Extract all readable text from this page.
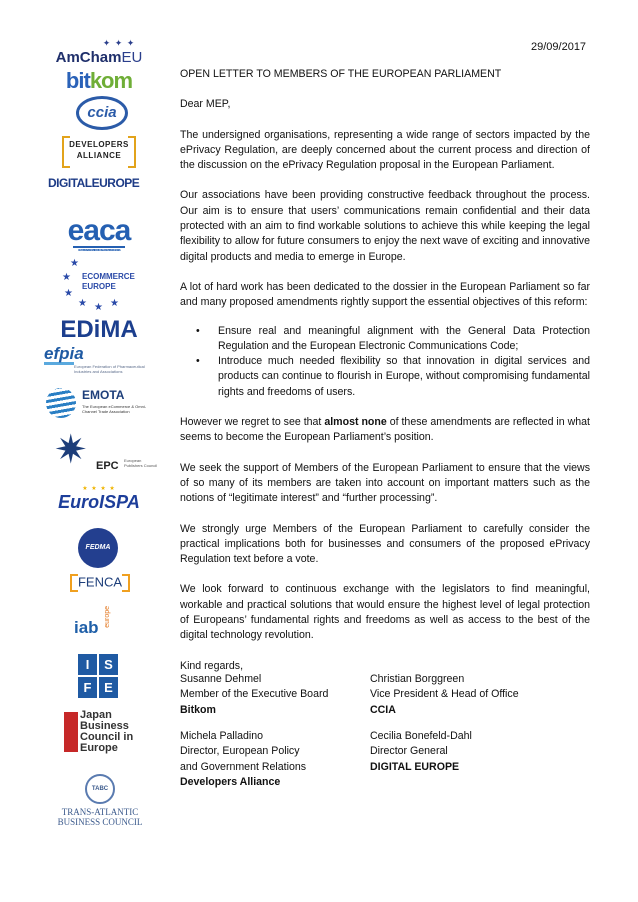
✦ ✦ ✦
AmChamEU
bitkom
ccia
DEVELOPERS
ALLIANCE
DIGITALEUROPE
eaca
EUROPEAN ASSOCIATION OF COMMUNICATIONS AGENCIES
★
★
★
★ ★ ★
ECOMMERCE
EUROPE
EDiMA
efpia
European Federation of Pharmaceutical Industries and Associations
EMOTA
The European eCommerce & Omni-Channel Trade Association
✷ EPC European Publishers Council
★ ★ ★ ★
EuroISPA
FEDMA
FENCA
iab europe
I	S
F E
Japan
Business
Council in
Europe
TABC
TRANS-ATLANTIC
BUSINESS COUNCIL
29/09/2017

OPEN LETTER TO MEMBERS OF THE EUROPEAN PARLIAMENT

Dear MEP,

The undersigned organisations, representing a wide range of sectors impacted by the ePrivacy Regulation, are deeply concerned about the current process and direction of the discussion on the ePrivacy Regulation proposal in the European Parliament.

Our associations have been providing constructive feedback throughout the process. Our aim is to ensure that users’ communications remain confidential and their data protected with an aim to find workable solutions to achieve this while keeping the legal flexibility to allow for future consumers to enjoy the next wave of exciting and innovative digital products and media to emerge in Europe.

A lot of hard work has been dedicated to the dossier in the European Parliament so far and many proposed amendments rightly support the essential objectives of this reform:

• Ensure real and meaningful alignment with the General Data Protection Regulation and the European Electronic Communications Code;
• Introduce much needed flexibility so that innovation in digital services and products can continue to flourish in Europe, without compromising fundamental rights and freedoms of users.

However we regret to see that almost none of these amendments are reflected in what seems to become the European Parliament’s position.

We seek the support of Members of the European Parliament to ensure that the views of so many of its members are taken into account on important matters such as the notions of “legitimate interest” and “further processing”.

We strongly urge Members of the European Parliament to carefully consider the practical implications both for businesses and consumers of the proposed ePrivacy Regulation text before a vote.

We look forward to continuous exchange with the legislators to find meaningful, workable and practical solutions that would ensure the highest level of legal protection of Europeans’ fundamental rights and freedoms as well as access to the best of the digital technology revolution.

Kind regards,

Susanne Dehmel
Member of the Executive Board
Bitkom
Christian Borggreen
Vice President & Head of Office
CCIA
Michela Palladino
Director, European Policy
and Government Relations
Developers Alliance
Cecilia Bonefeld-Dahl
Director General
DIGITAL EUROPE
